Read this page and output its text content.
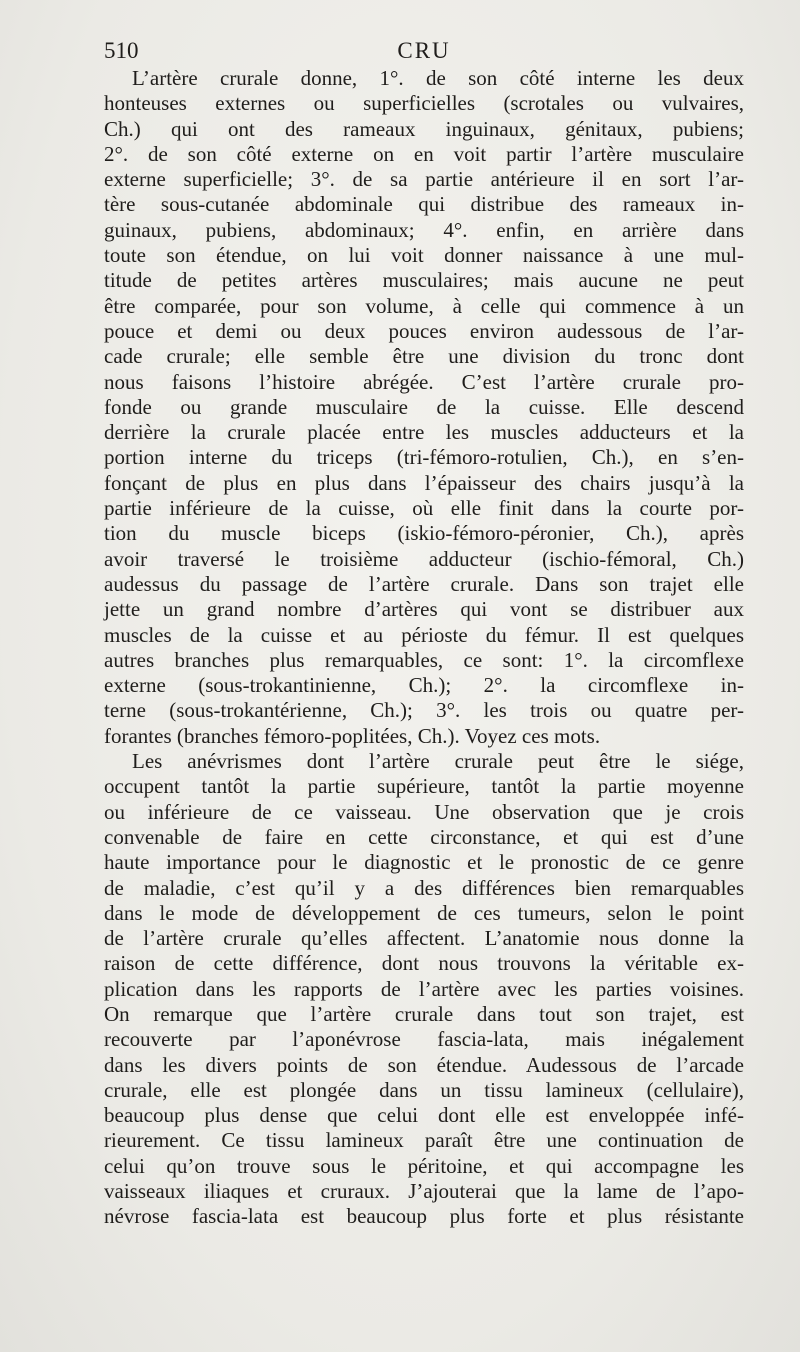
510	CRU
L’artère crurale donne, 1°. de son côté interne les deux
honteuses externes ou superficielles (scrotales ou vulvaires,
Ch.) qui ont des rameaux inguinaux, génitaux, pubiens;
2°. de son côté externe on en voit partir l’artère musculaire
externe superficielle; 3°. de sa partie antérieure il en sort l’ar-
tère sous-cutanée abdominale qui distribue des rameaux in-
guinaux, pubiens, abdominaux; 4°. enfin, en arrière dans
toute son étendue, on lui voit donner naissance à une mul-
titude de petites artères musculaires; mais aucune ne peut
être comparée, pour son volume, à celle qui commence à un
pouce et demi ou deux pouces environ audessous de l’ar-
cade crurale; elle semble être une division du tronc dont
nous faisons l’histoire abrégée. C’est l’artère crurale pro-
fonde ou grande musculaire de la cuisse. Elle descend
derrière la crurale placée entre les muscles adducteurs et la
portion interne du triceps (tri-fémoro-rotulien, Ch.), en s’en-
fonçant de plus en plus dans l’épaisseur des chairs jusqu’à la
partie inférieure de la cuisse, où elle finit dans la courte por-
tion du muscle biceps (iskio-fémoro-péronier, Ch.), après
avoir traversé le troisième adducteur (ischio-fémoral, Ch.)
audessus du passage de l’artère crurale. Dans son trajet elle
jette un grand nombre d’artères qui vont se distribuer aux
muscles de la cuisse et au périoste du fémur. Il est quelques
autres branches plus remarquables, ce sont: 1°. la circomflexe
externe (sous-trokantinienne, Ch.); 2°. la circomflexe in-
terne (sous-trokantérienne, Ch.); 3°. les trois ou quatre per-
forantes (branches fémoro-poplitées, Ch.). Voyez ces mots.
Les anévrismes dont l’artère crurale peut être le siége,
occupent tantôt la partie supérieure, tantôt la partie moyenne
ou inférieure de ce vaisseau. Une observation que je crois
convenable de faire en cette circonstance, et qui est d’une
haute importance pour le diagnostic et le pronostic de ce genre
de maladie, c’est qu’il y a des différences bien remarquables
dans le mode de développement de ces tumeurs, selon le point
de l’artère crurale qu’elles affectent. L’anatomie nous donne la
raison de cette différence, dont nous trouvons la véritable ex-
plication dans les rapports de l’artère avec les parties voisines.
On remarque que l’artère crurale dans tout son trajet, est
recouverte par l’aponévrose fascia-lata, mais inégalement
dans les divers points de son étendue. Audessous de l’arcade
crurale, elle est plongée dans un tissu lamineux (cellulaire),
beaucoup plus dense que celui dont elle est enveloppée infé-
rieurement. Ce tissu lamineux paraît être une continuation de
celui qu’on trouve sous le péritoine, et qui accompagne les
vaisseaux iliaques et cruraux. J’ajouterai que la lame de l’apo-
névrose fascia-lata est beaucoup plus forte et plus résistante
